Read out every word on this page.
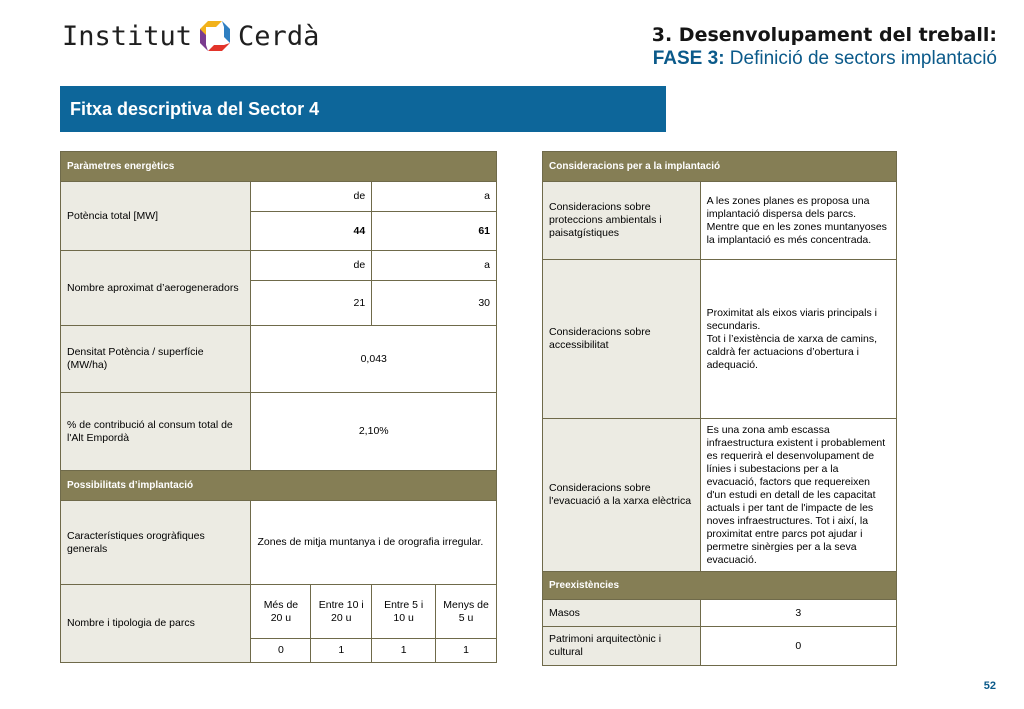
Institut Cerdà	3. Desenvolupament del treball:
FASE 3: Definició de sectors implantació
Fitxa descriptiva del Sector 4
Paràmetres energètics				
Potència total [MW]	de		a	
	44		61	
Nombre aproximat d’aerogeneradors	de		a	
	21		30	
Densitat Potència / superfície (MW/ha)	0,043			
% de contribució al consum total de l'Alt Empordà	2,10%			
Possibilitats d’implantació				
Característiques orogràfiques generals	Zones de mitja muntanya i de orografia irregular.			
Nombre i tipologia de parcs	Més de 20 u	Entre 10 i 20 u	Entre 5 i 10 u	Menys de 5 u
	0	1	1	1
Consideracions per a la implantació	
Consideracions sobre proteccions ambientals i paisatgístiques	A les zones planes es proposa una implantació dispersa dels parcs. Mentre que en les zones muntanyoses la implantació es més concentrada.
Consideracions sobre accessibilitat	Proximitat als eixos viaris principals i secundaris.
Tot i l’existència de xarxa de camins, caldrà fer actuacions d’obertura i adequació.

Consideracions sobre l'evacuació a la xarxa elèctrica	Es una zona amb escassa infraestructura existent i probablement es requerirà el desenvolupament de línies i subestacions per a la evacuació, factors que requereixen d'un estudi en detall de les capacitat actuals i per tant de l'impacte de les noves infraestructures. Tot i així, la proximitat entre parcs pot ajudar i permetre sinèrgies per a la seva evacuació.
Preexistències	
Masos	3
Patrimoni arquitectònic i cultural	0
52
